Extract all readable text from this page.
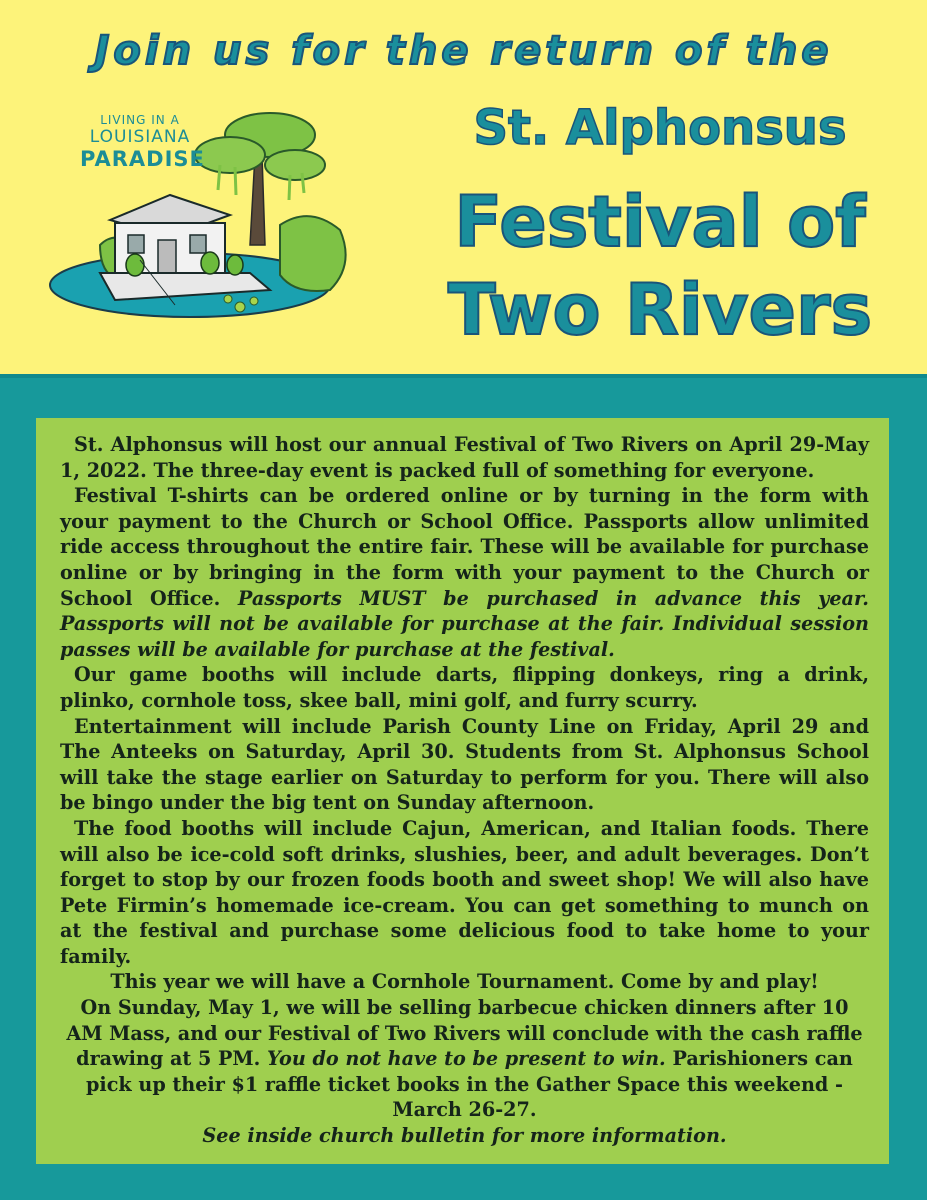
Join us for the return of the
LIVING IN A
LOUISIANA
PARADISE
St. Alphonsus
Festival of
Two Rivers

St. Alphonsus will host our annual Festival of Two Rivers on April 29-May 1, 2022. The three-day event is packed full of something for everyone.

Festival T-shirts can be ordered online or by turning in the form with your payment to the Church or School Office. Passports allow unlimited ride access throughout the entire fair. These will be available for purchase online or by bringing in the form with your payment to the Church or School Office. Passports MUST be purchased in advance this year. Passports will not be available for purchase at the fair. Individual session passes will be available for purchase at the festival.

Our game booths will include darts, flipping donkeys, ring a drink, plinko, cornhole toss, skee ball, mini golf, and furry scurry.

Entertainment will include Parish County Line on Friday, April 29 and The Anteeks on Saturday, April 30. Students from St. Alphonsus School will take the stage earlier on Saturday to perform for you. There will also be bingo under the big tent on Sunday afternoon.

The food booths will include Cajun, American, and Italian foods. There will also be ice-cold soft drinks, slushies, beer, and adult beverages. Don’t forget to stop by our frozen foods booth and sweet shop! We will also have Pete Firmin’s homemade ice-cream. You can get something to munch on at the festival and purchase some delicious food to take home to your family.

This year we will have a Cornhole Tournament. Come by and play!

On Sunday, May 1, we will be selling barbecue chicken dinners after 10 AM Mass, and our Festival of Two Rivers will conclude with the cash raffle drawing at 5 PM. You do not have to be present to win. Parishioners can pick up their $1 raffle ticket books in the Gather Space this weekend - March 26-27.

See inside church bulletin for more information.
